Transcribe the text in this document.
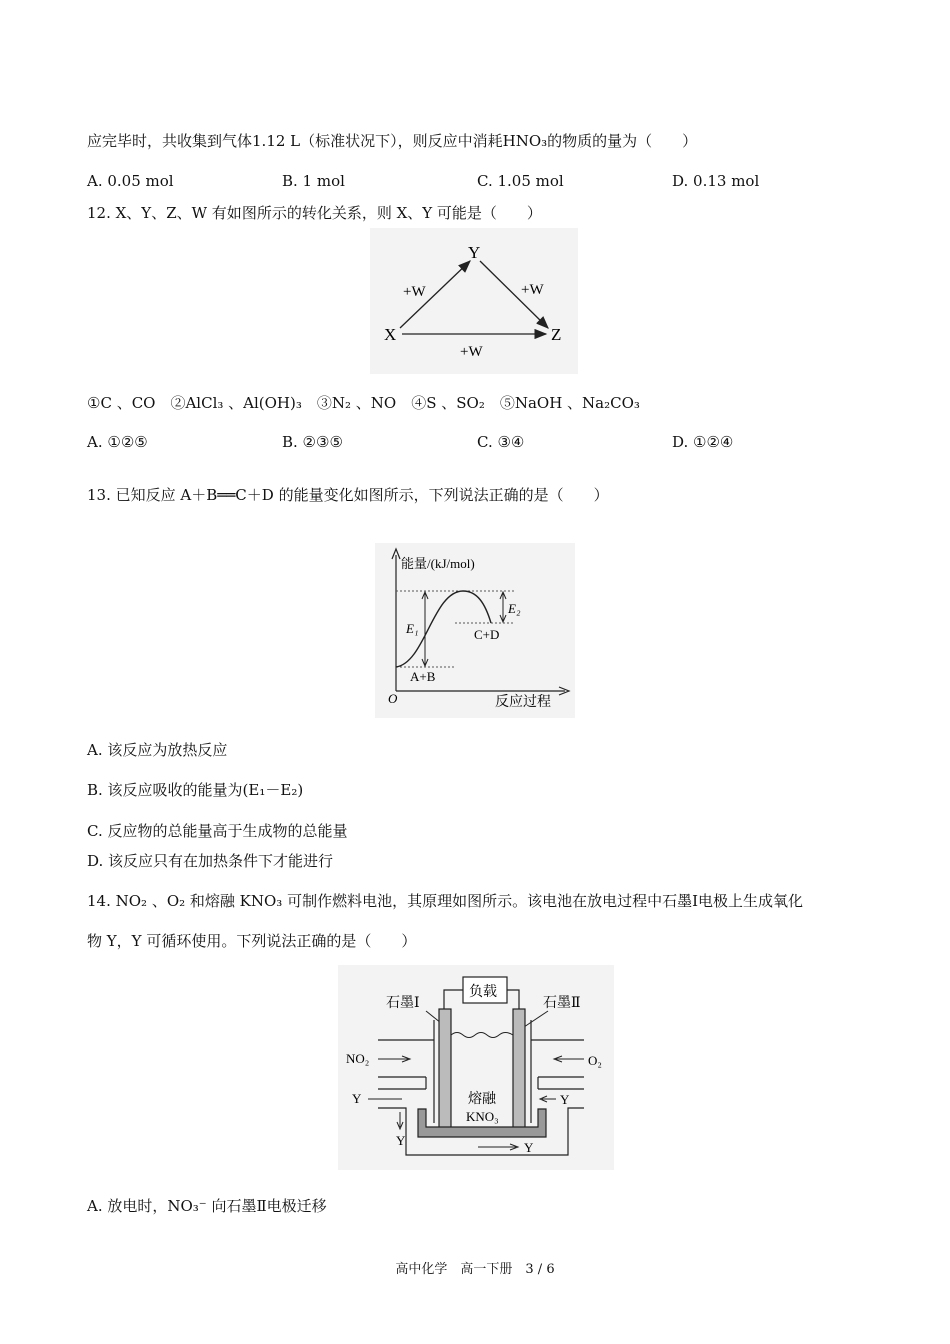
应完毕时，共收集到气体1.12 L（标准状况下），则反应中消耗HNO₃的物质的量为（　　）
A. 0.05 mol	B. 1 mol	C. 1.05 mol	D. 0.13 mol
12. X、Y、Z、W 有如图所示的转化关系，则 X、Y 可能是（　　）
Y
X	Z
+W	+W
+W
①C 、CO　②AlCl₃ 、Al(OH)₃　③N₂ 、NO　④S 、SO₂　⑤NaOH 、Na₂CO₃
A. ①②⑤	B. ②③⑤	C. ③④	D. ①②④
13. 已知反应 A＋B══C＋D 的能量变化如图所示，下列说法正确的是（　　）
能量/(kJ/mol)
E₁
E₂
C+D
A+B
O	反应过程
A. 该反应为放热反应
B. 该反应吸收的能量为(E₁－E₂)
C. 反应物的总能量高于生成物的总能量
D. 该反应只有在加热条件下才能进行
14. NO₂ 、O₂ 和熔融 KNO₃ 可制作燃料电池，其原理如图所示。该电池在放电过程中石墨Ⅰ电极上生成氧化
物 Y，Y 可循环使用。下列说法正确的是（　　）
负载
石墨Ⅰ	石墨Ⅱ
NO₂	O₂
熔融
KNO₃
Y	Y
Y	Y
A. 放电时，NO₃⁻ 向石墨Ⅱ电极迁移
高中化学　高一下册　3 / 6
